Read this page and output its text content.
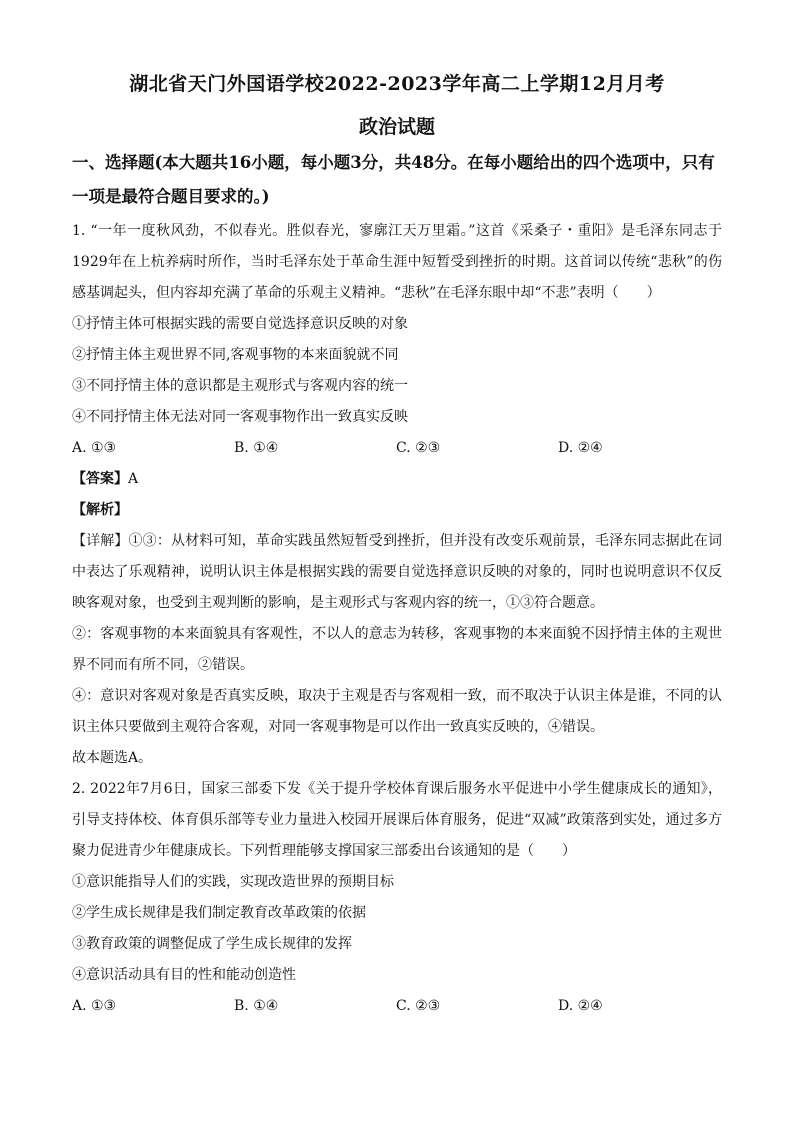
湖北省天门外国语学校2022-2023学年高二上学期12月月考
政治试题

一、选择题(本大题共16小题，每小题3分，共48分。在每小题给出的四个选项中，只有

一项是最符合题目要求的。)

1. “一年一度秋风劲，不似春光。胜似春光，寥廓江天万里霜。”这首《采桑子・重阳》是毛泽东同志于1929年在上杭养病时所作，当时毛泽东处于革命生涯中短暂受到挫折的时期。这首词以传统“悲秋”的伤感基调起头，但内容却充满了革命的乐观主义精神。“悲秋”在毛泽东眼中却“不悲”表明（　　）

①抒情主体可根据实践的需要自觉选择意识反映的对象

②抒情主体主观世界不同,客观事物的本来面貌就不同

③不同抒情主体的意识都是主观形式与客观内容的统一

④不同抒情主体无法对同一客观事物作出一致真实反映

A. ①③	B. ①④	C. ②③	D. ②④

【答案】A

【解析】

【详解】①③：从材料可知，革命实践虽然短暂受到挫折，但并没有改变乐观前景，毛泽东同志据此在词中表达了乐观精神，说明认识主体是根据实践的需要自觉选择意识反映的对象的，同时也说明意识不仅反映客观对象，也受到主观判断的影响，是主观形式与客观内容的统一，①③符合题意。

②：客观事物的本来面貌具有客观性，不以人的意志为转移，客观事物的本来面貌不因抒情主体的主观世界不同而有所不同，②错误。

④：意识对客观对象是否真实反映，取决于主观是否与客观相一致，而不取决于认识主体是谁，不同的认识主体只要做到主观符合客观，对同一客观事物是可以作出一致真实反映的，④错误。

故本题选A。

2. 2022年7月6日，国家三部委下发《关于提升学校体育课后服务水平促进中小学生健康成长的通知》，引导支持体校、体育俱乐部等专业力量进入校园开展课后体育服务，促进“双减”政策落到实处，通过多方聚力促进青少年健康成长。下列哲理能够支撑国家三部委出台该通知的是（　　）

①意识能指导人们的实践，实现改造世界的预期目标

②学生成长规律是我们制定教育改革政策的依据

③教育政策的调整促成了学生成长规律的发挥

④意识活动具有目的性和能动创造性

A. ①③	B. ①④	C. ②③	D. ②④
